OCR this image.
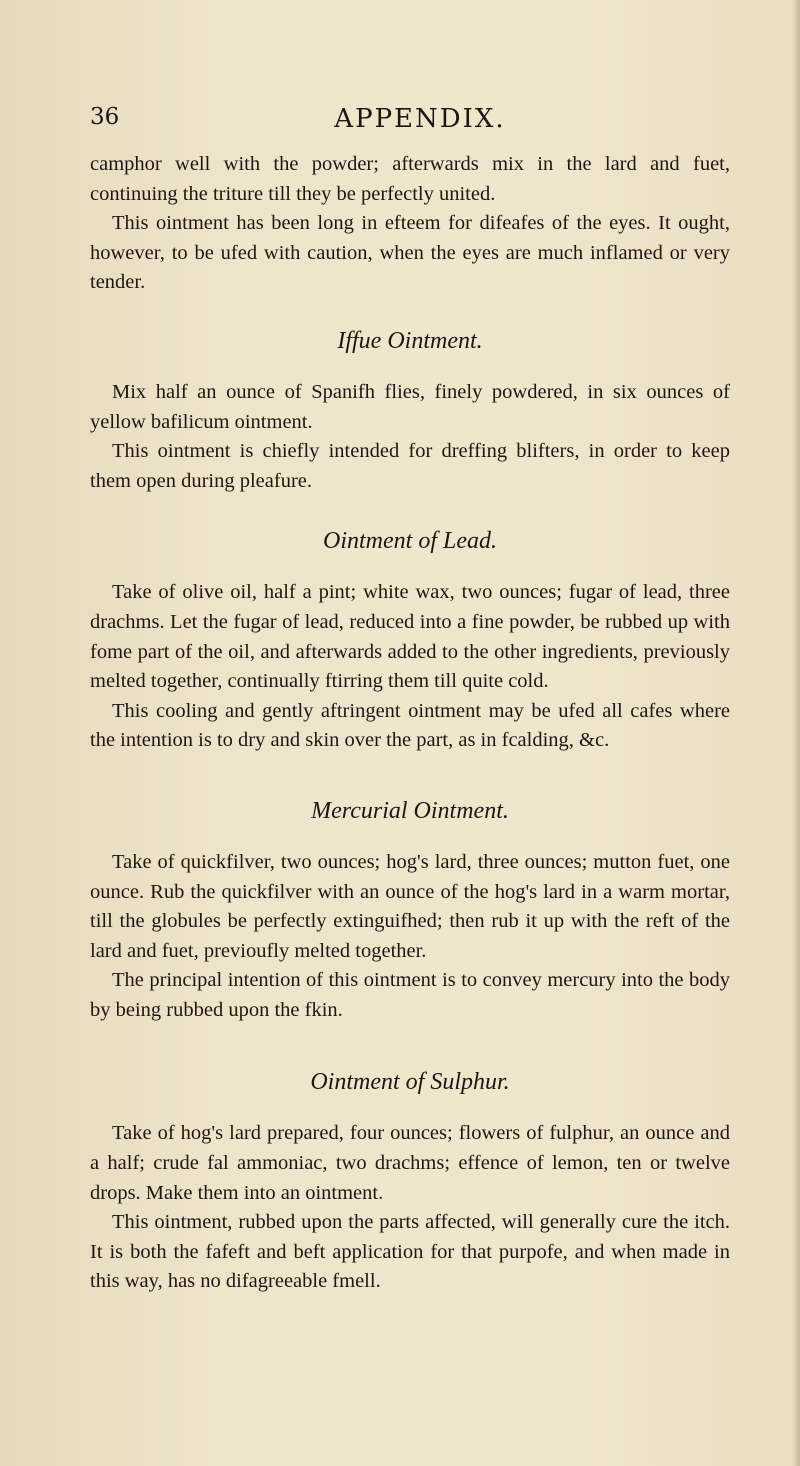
36	APPENDIX.

camphor well with the powder; afterwards mix in the lard and fuet, continuing the triture till they be perfectly united.

This ointment has been long in efteem for difeafes of the eyes. It ought, however, to be ufed with caution, when the eyes are much inflamed or very tender.

Iffue Ointment.

Mix half an ounce of Spanifh flies, finely powdered, in six ounces of yellow bafilicum ointment.

This ointment is chiefly intended for dreffing blifters, in order to keep them open during pleafure.

Ointment of Lead.

Take of olive oil, half a pint; white wax, two ounces; fugar of lead, three drachms. Let the fugar of lead, reduced into a fine powder, be rubbed up with fome part of the oil, and afterwards added to the other ingredients, previously melted together, continually ftirring them till quite cold.

This cooling and gently aftringent ointment may be ufed all cafes where the intention is to dry and skin over the part, as in fcalding, &c.

Mercurial Ointment.

Take of quickfilver, two ounces; hog's lard, three ounces; mutton fuet, one ounce. Rub the quickfilver with an ounce of the hog's lard in a warm mortar, till the globules be perfectly extinguifhed; then rub it up with the reft of the lard and fuet, previoufly melted together.

The principal intention of this ointment is to convey mercury into the body by being rubbed upon the fkin.

Ointment of Sulphur.

Take of hog's lard prepared, four ounces; flowers of fulphur, an ounce and a half; crude fal ammoniac, two drachms; effence of lemon, ten or twelve drops. Make them into an ointment.

This ointment, rubbed upon the parts affected, will generally cure the itch. It is both the fafeft and beft application for that purpofe, and when made in this way, has no difagreeable fmell.
